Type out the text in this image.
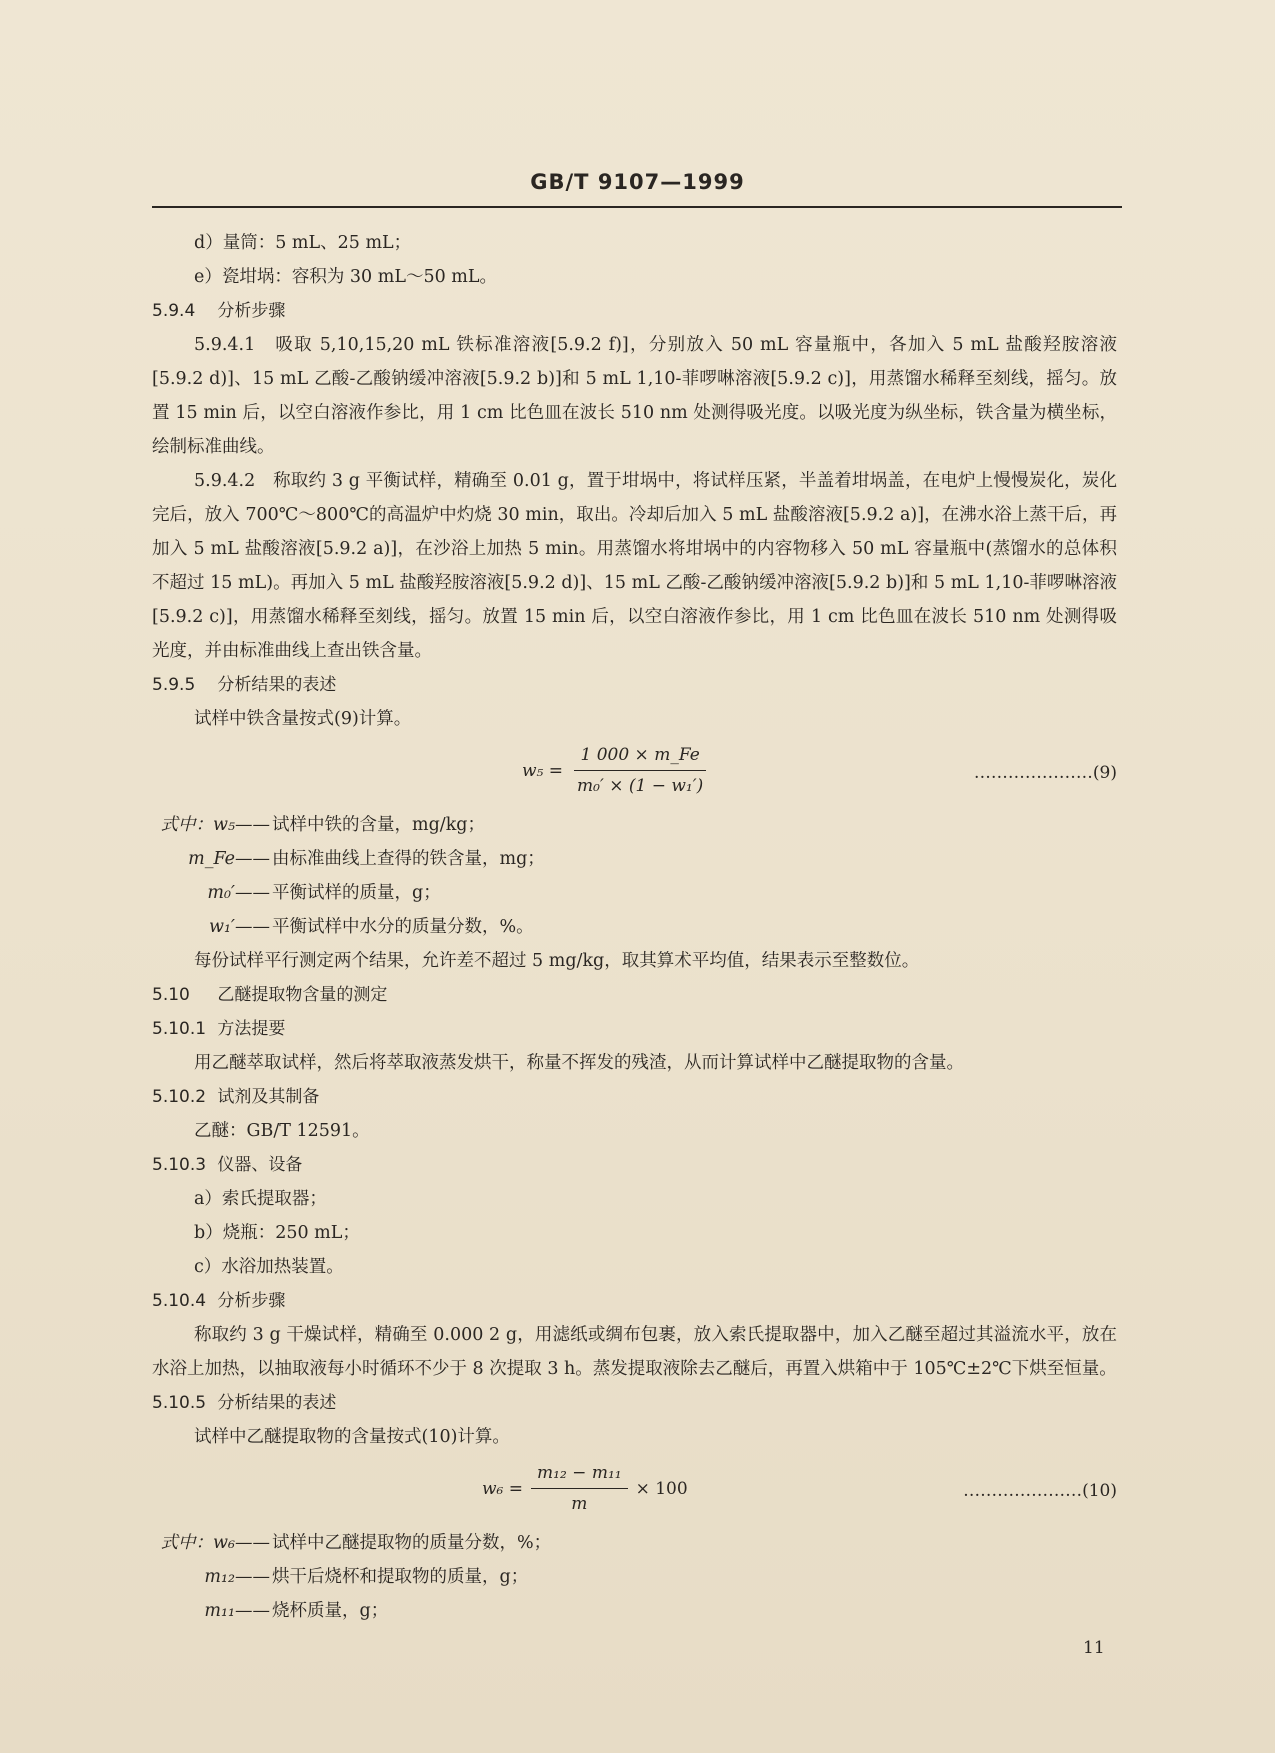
GB/T 9107—1999
d）量筒：5 mL、25 mL；
e）瓷坩埚：容积为 30 mL～50 mL。
5.9.4 分析步骤
5.9.4.1　吸取 5,10,15,20 mL 铁标准溶液[5.9.2 f)]，分别放入 50 mL 容量瓶中，各加入 5 mL 盐酸羟胺溶液[5.9.2 d)]、15 mL 乙酸-乙酸钠缓冲溶液[5.9.2 b)]和 5 mL 1,10-菲啰啉溶液[5.9.2 c)]，用蒸馏水稀释至刻线，摇匀。放置 15 min 后，以空白溶液作参比，用 1 cm 比色皿在波长 510 nm 处测得吸光度。以吸光度为纵坐标，铁含量为横坐标，绘制标准曲线。
5.9.4.2　称取约 3 g 平衡试样，精确至 0.01 g，置于坩埚中，将试样压紧，半盖着坩埚盖，在电炉上慢慢炭化，炭化完后，放入 700℃～800℃的高温炉中灼烧 30 min，取出。冷却后加入 5 mL 盐酸溶液[5.9.2 a)]，在沸水浴上蒸干后，再加入 5 mL 盐酸溶液[5.9.2 a)]，在沙浴上加热 5 min。用蒸馏水将坩埚中的内容物移入 50 mL 容量瓶中(蒸馏水的总体积不超过 15 mL)。再加入 5 mL 盐酸羟胺溶液[5.9.2 d)]、15 mL 乙酸-乙酸钠缓冲溶液[5.9.2 b)]和 5 mL 1,10-菲啰啉溶液[5.9.2 c)]，用蒸馏水稀释至刻线，摇匀。放置 15 min 后，以空白溶液作参比，用 1 cm 比色皿在波长 510 nm 处测得吸光度，并由标准曲线上查出铁含量。
5.9.5 分析结果的表述
试样中铁含量按式(9)计算。
$w_5 = \frac{1 000 \times m\_Fe}{\text{m₀′ × (1 − w₁′)}}$	…………………(9)
式中：w₅—— 试样中铁的含量，mg/kg；
m_Fe—— 由标准曲线上查得的铁含量，mg；
m₀′—— 平衡试样的质量，g；
w₁′—— 平衡试样中水分的质量分数，%。
每份试样平行测定两个结果，允许差不超过 5 mg/kg，取其算术平均值，结果表示至整数位。
5.10 乙醚提取物含量的测定
5.10.1 方法提要
用乙醚萃取试样，然后将萃取液蒸发烘干，称量不挥发的残渣，从而计算试样中乙醚提取物的含量。
5.10.2 试剂及其制备
乙醚：GB/T 12591。
5.10.3 仪器、设备
a）索氏提取器；
b）烧瓶：250 mL；
c）水浴加热装置。
5.10.4 分析步骤
称取约 3 g 干燥试样，精确至 0.000 2 g，用滤纸或绸布包裹，放入索氏提取器中，加入乙醚至超过其溢流水平，放在水浴上加热，以抽取液每小时循环不少于 8 次提取 3 h。蒸发提取液除去乙醚后，再置入烘箱中于 105℃±2℃下烘至恒量。
5.10.5 分析结果的表述
试样中乙醚提取物的含量按式(10)计算。
$w_6 = \frac{\text{m₁₂ − m₁₁}}{m} \times 100$	…………………(10)
式中：w₆—— 试样中乙醚提取物的质量分数，%；
m₁₂—— 烘干后烧杯和提取物的质量，g；
m₁₁—— 烧杯质量，g；
11
